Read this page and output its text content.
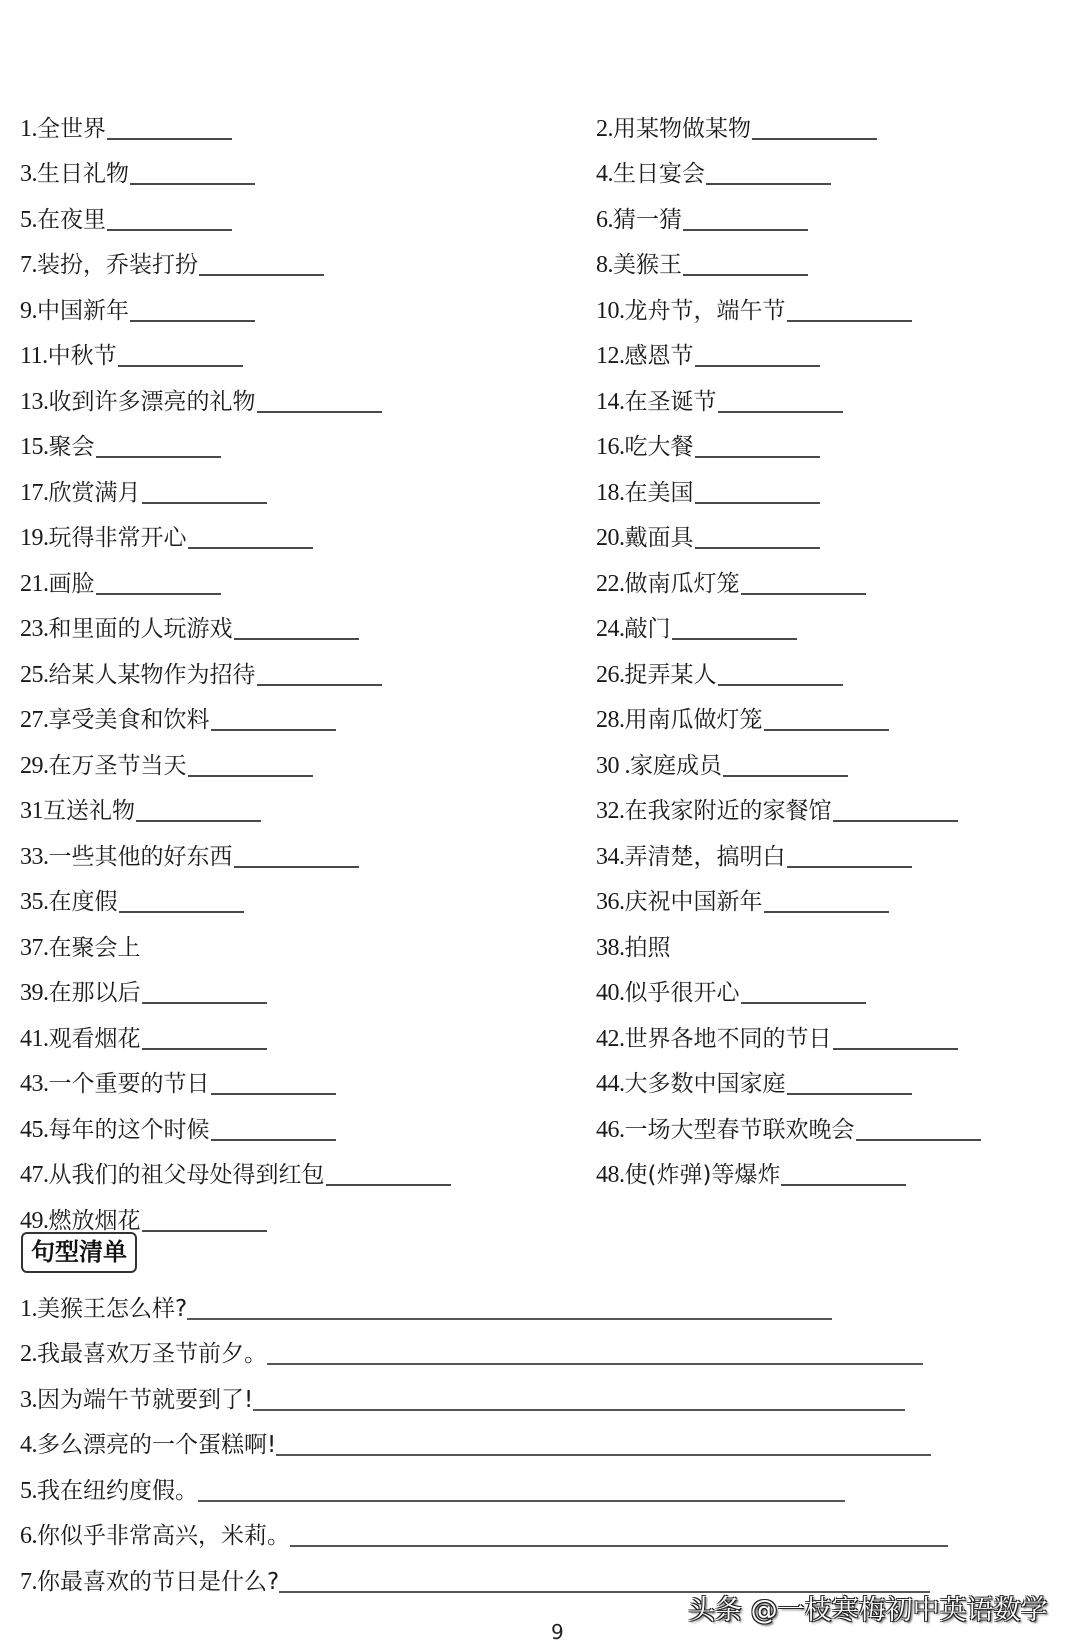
1. 全世界	2. 用某物做某物
3. 生日礼物	4. 生日宴会
5. 在夜里	6. 猜一猜
7. 装扮，乔装打扮	8. 美猴王
9. 中国新年	10. 龙舟节，端午节
11. 中秋节	12. 感恩节
13. 收到许多漂亮的礼物	14. 在圣诞节
15. 聚会	16. 吃大餐
17. 欣赏满月	18. 在美国
19. 玩得非常开心	20. 戴面具
21. 画脸	22. 做南瓜灯笼
23. 和里面的人玩游戏	24. 敲门
25. 给某人某物作为招待	26. 捉弄某人
27. 享受美食和饮料	28. 用南瓜做灯笼
29. 在万圣节当天	30 . 家庭成员
31 互送礼物	32. 在我家附近的家餐馆
33. 一些其他的好东西	34. 弄清楚，搞明白
35. 在度假	36. 庆祝中国新年
37. 在聚会上	38. 拍照
39. 在那以后	40. 似乎很开心
41. 观看烟花	42. 世界各地不同的节日
43. 一个重要的节日	44. 大多数中国家庭
45. 每年的这个时候	46. 一场大型春节联欢晚会
47. 从我们的祖父母处得到红包	48. 使(炸弹)等爆炸
49. 燃放烟花
句型清单
1. 美猴王怎么样?
2. 我最喜欢万圣节前夕。
3. 因为端午节就要到了!
4. 多么漂亮的一个蛋糕啊!
5. 我在纽约度假。
6. 你似乎非常高兴，米莉。
7. 你最喜欢的节日是什么?
头条 @一枝寒梅初中英语数学
9
